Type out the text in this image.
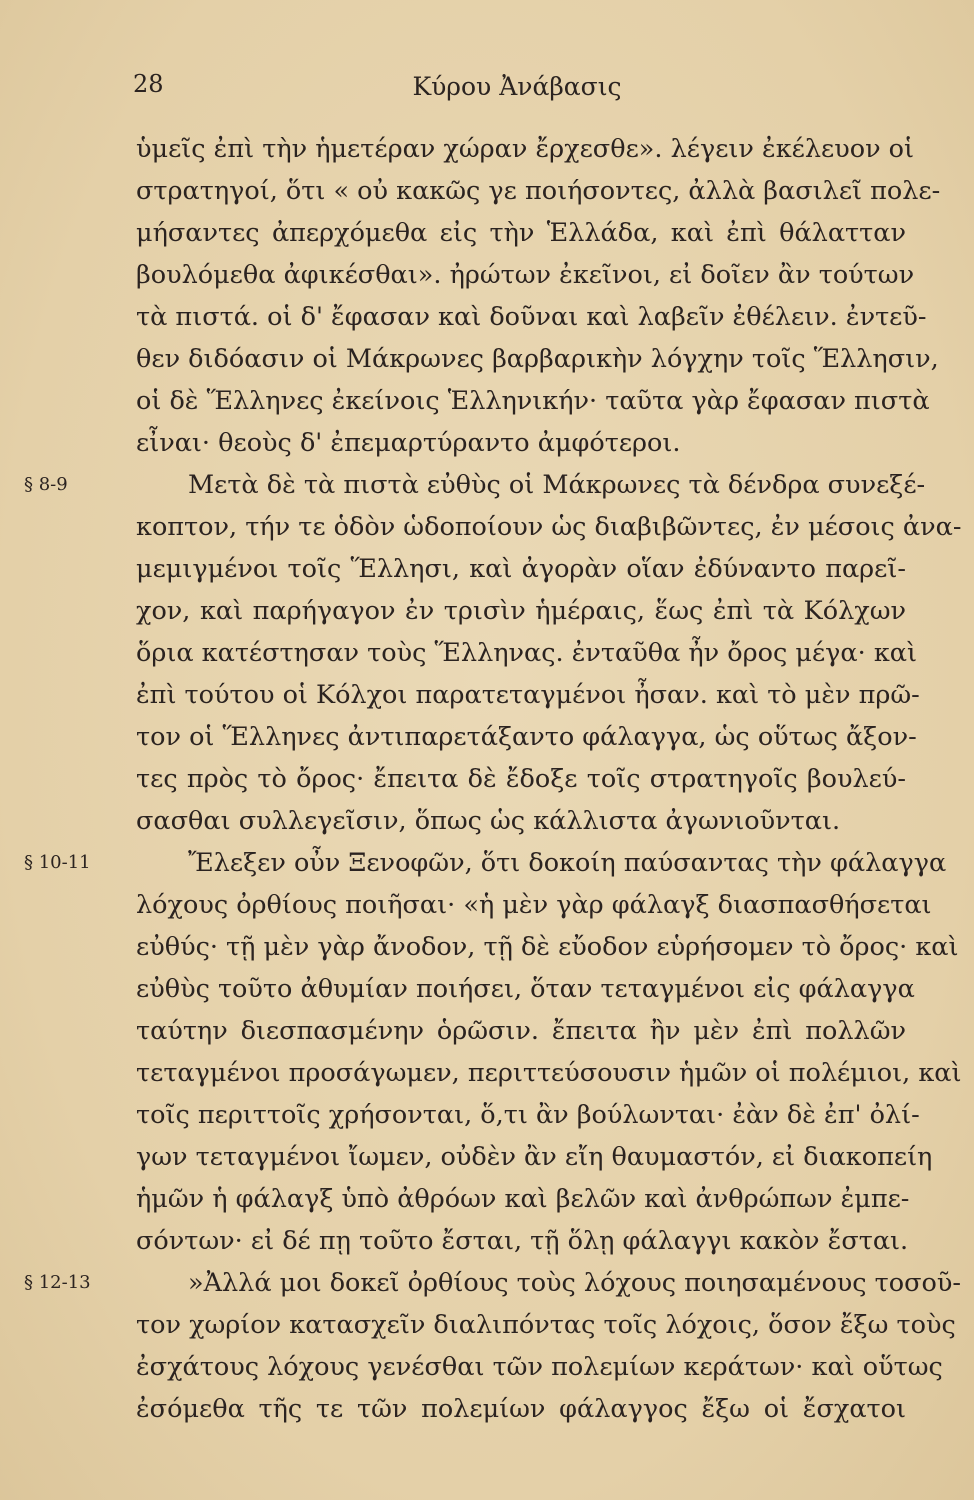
28	Κύρου Ἀνάβασις
ὑμεῖς ἐπὶ τὴν ἡμετέραν χώραν ἔρχεσθε». λέγειν ἐκέλευον οἱ
στρατηγοί, ὅτι « οὐ κακῶς γε ποιήσοντες, ἀλλὰ βασιλεῖ πολε-
μήσαντες ἀπερχόμεθα εἰς τὴν Ἑλλάδα, καὶ ἐπὶ θάλατταν
βουλόμεθα ἀφικέσθαι». ἠρώτων ἐκεῖνοι, εἰ δοῖεν ἂν τούτων
τὰ πιστά. οἱ δ' ἔφασαν καὶ δοῦναι καὶ λαβεῖν ἐθέλειν. ἐντεῦ-
θεν διδόασιν οἱ Μάκρωνες βαρβαρικὴν λόγχην τοῖς Ἕλλησιν,
οἱ δὲ Ἕλληνες ἐκείνοις Ἑλληνικήν· ταῦτα γὰρ ἔφασαν πιστὰ
εἶναι· θεοὺς δ' ἐπεμαρτύραντο ἀμφότεροι.
§ 8-9	Μετὰ δὲ τὰ πιστὰ εὐθὺς οἱ Μάκρωνες τὰ δένδρα συνεξέ-
κοπτον, τήν τε ὁδὸν ὡδοποίουν ὡς διαβιβῶντες, ἐν μέσοις ἀνα-
μεμιγμένοι τοῖς Ἕλλησι, καὶ ἀγορὰν οἵαν ἐδύναντο παρεῖ-
χον, καὶ παρήγαγον ἐν τρισὶν ἡμέραις, ἕως ἐπὶ τὰ Κόλχων
ὅρια κατέστησαν τοὺς Ἕλληνας. ἐνταῦθα ἦν ὄρος μέγα· καὶ
ἐπὶ τούτου οἱ Κόλχοι παρατεταγμένοι ἦσαν. καὶ τὸ μὲν πρῶ-
τον οἱ Ἕλληνες ἀντιπαρετάξαντο φάλαγγα, ὡς οὕτως ἄξον-
τες πρὸς τὸ ὄρος· ἔπειτα δὲ ἔδοξε τοῖς στρατηγοῖς βουλεύ-
σασθαι συλλεγεῖσιν, ὅπως ὡς κάλλιστα ἀγωνιοῦνται.
§ 10-11	Ἔλεξεν οὖν Ξενοφῶν, ὅτι δοκοίη παύσαντας τὴν φάλαγγα
λόχους ὀρθίους ποιῆσαι· «ἡ μὲν γὰρ φάλαγξ διασπασθήσεται
εὐθύς· τῇ μὲν γὰρ ἄνοδον, τῇ δὲ εὔοδον εὑρήσομεν τὸ ὄρος· καὶ
εὐθὺς τοῦτο ἀθυμίαν ποιήσει, ὅταν τεταγμένοι εἰς φάλαγγα
ταύτην διεσπασμένην ὁρῶσιν. ἔπειτα ἢν μὲν ἐπὶ πολλῶν
τεταγμένοι προσάγωμεν, περιττεύσουσιν ἡμῶν οἱ πολέμιοι, καὶ
τοῖς περιττοῖς χρήσονται, ὅ,τι ἂν βούλωνται· ἐὰν δὲ ἐπ' ὀλί-
γων τεταγμένοι ἴωμεν, οὐδὲν ἂν εἴη θαυμαστόν, εἰ διακοπείη
ἡμῶν ἡ φάλαγξ ὑπὸ ἀθρόων καὶ βελῶν καὶ ἀνθρώπων ἐμπε-
σόντων· εἰ δέ πῃ τοῦτο ἔσται, τῇ ὅλῃ φάλαγγι κακὸν ἔσται.
§ 12-13	»Ἀλλά μοι δοκεῖ ὀρθίους τοὺς λόχους ποιησαμένους τοσοῦ-
τον χωρίον κατασχεῖν διαλιπόντας τοῖς λόχοις, ὅσον ἔξω τοὺς
ἐσχάτους λόχους γενέσθαι τῶν πολεμίων κεράτων· καὶ οὕτως
ἐσόμεθα τῆς τε τῶν πολεμίων φάλαγγος ἔξω οἱ ἔσχατοι
